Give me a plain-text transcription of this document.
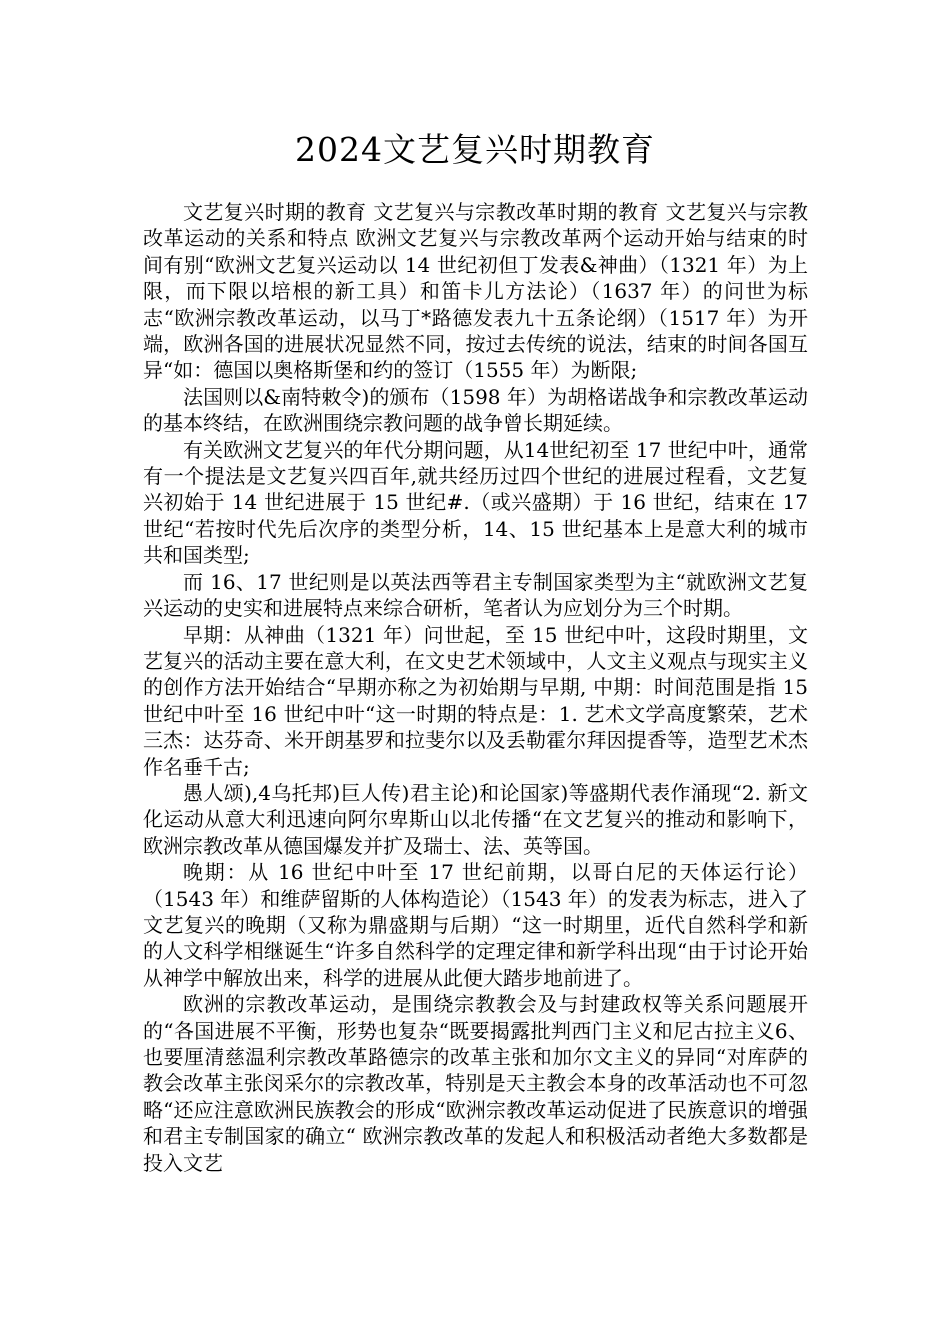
2024文艺复兴时期教育

文艺复兴时期的教育 文艺复兴与宗教改革时期的教育 文艺复兴与宗教改革运动的关系和特点 欧洲文艺复兴与宗教改革两个运动开始与结束的时间有别“欧洲文艺复兴运动以 14 世纪初但丁发表&神曲）（1321 年）为上限，而下限以培根的新工具）和笛卡儿方法论）（1637 年）的问世为标志“欧洲宗教改革运动，以马丁*路德发表九十五条论纲）（1517 年）为开端，欧洲各国的进展状况显然不同，按过去传统的说法，结束的时间各国互异“如：德国以奥格斯堡和约的签订（1555 年）为断限;

法国则以&南特敕令)的颁布（1598 年）为胡格诺战争和宗教改革运动的基本终结，在欧洲围绕宗教问题的战争曾长期延续。

有关欧洲文艺复兴的年代分期问题，从14世纪初至 17 世纪中叶，通常有一个提法是文艺复兴四百年,就共经历过四个世纪的进展过程看，文艺复兴初始于 14 世纪进展于 15 世纪#.（或兴盛期）于 16 世纪，结束在 17 世纪“若按时代先后次序的类型分析，14、15 世纪基本上是意大利的城市共和国类型;

而 16、17 世纪则是以英法西等君主专制国家类型为主“就欧洲文艺复兴运动的史实和进展特点来综合研析，笔者认为应划分为三个时期。

早期：从神曲（1321 年）问世起，至 15 世纪中叶，这段时期里，文艺复兴的活动主要在意大利，在文史艺术领域中，人文主义观点与现实主义的创作方法开始结合“早期亦称之为初始期与早期, 中期：时间范围是指 15 世纪中叶至 16 世纪中叶“这一时期的特点是：1. 艺术文学高度繁荣，艺术三杰：达芬奇、米开朗基罗和拉斐尔以及丢勒霍尔拜因提香等，造型艺术杰作名垂千古;

愚人颂),4乌托邦)巨人传)君主论)和论国家)等盛期代表作涌现“2. 新文化运动从意大利迅速向阿尔卑斯山以北传播“在文艺复兴的推动和影响下，欧洲宗教改革从德国爆发并扩及瑞士、法、英等国。

晚期：从 16 世纪中叶至 17 世纪前期，以哥白尼的天体运行论）（1543 年）和维萨留斯的人体构造论）（1543 年）的发表为标志，进入了文艺复兴的晚期（又称为鼎盛期与后期）“这一时期里，近代自然科学和新的人文科学相继诞生“许多自然科学的定理定律和新学科出现“由于讨论开始从神学中解放出来，科学的进展从此便大踏步地前进了。

欧洲的宗教改革运动，是围绕宗教教会及与封建政权等关系问题展开的“各国进展不平衡，形势也复杂“既要揭露批判西门主义和尼古拉主义6、也要厘清慈温利宗教改革路德宗的改革主张和加尔文主义的异同“对库萨的教会改革主张闵采尔的宗教改革，特别是天主教会本身的改革活动也不可忽略“还应注意欧洲民族教会的形成“欧洲宗教改革运动促进了民族意识的增强和君主专制国家的确立“ 欧洲宗教改革的发起人和积极活动者绝大多数都是投入文艺
